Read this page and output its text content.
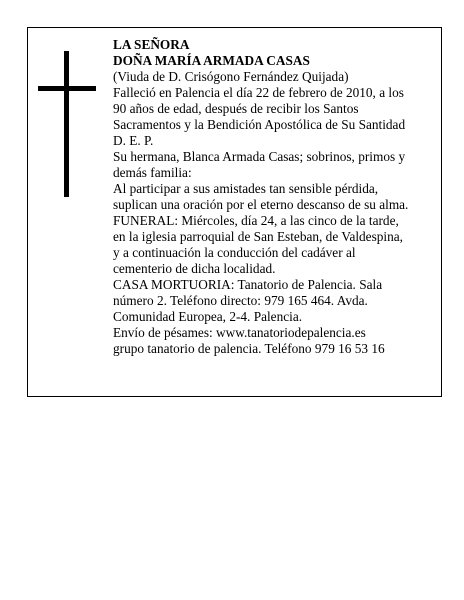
LA SEÑORA
DOÑA MARÍA ARMADA CASAS
(Viuda de D. Crisógono Fernández Quijada)
Falleció en Palencia el día 22 de febrero de 2010, a los
90 años de edad, después de recibir los Santos
Sacramentos y la Bendición Apostólica de Su Santidad
D. E. P.
Su hermana, Blanca Armada Casas; sobrinos, primos y
demás familia:
Al participar a sus amistades tan sensible pérdida,
suplican una oración por el eterno descanso de su alma.
FUNERAL: Miércoles, día 24, a las cinco de la tarde,
en la iglesia parroquial de San Esteban, de Valdespina,
y a continuación la conducción del cadáver al
cementerio de dicha localidad.
CASA MORTUORIA: Tanatorio de Palencia. Sala
número 2. Teléfono directo: 979 165 464. Avda.
Comunidad Europea, 2-4. Palencia.
Envío de pésames: www.tanatoriodepalencia.es
grupo tanatorio de palencia. Teléfono 979 16 53 16
